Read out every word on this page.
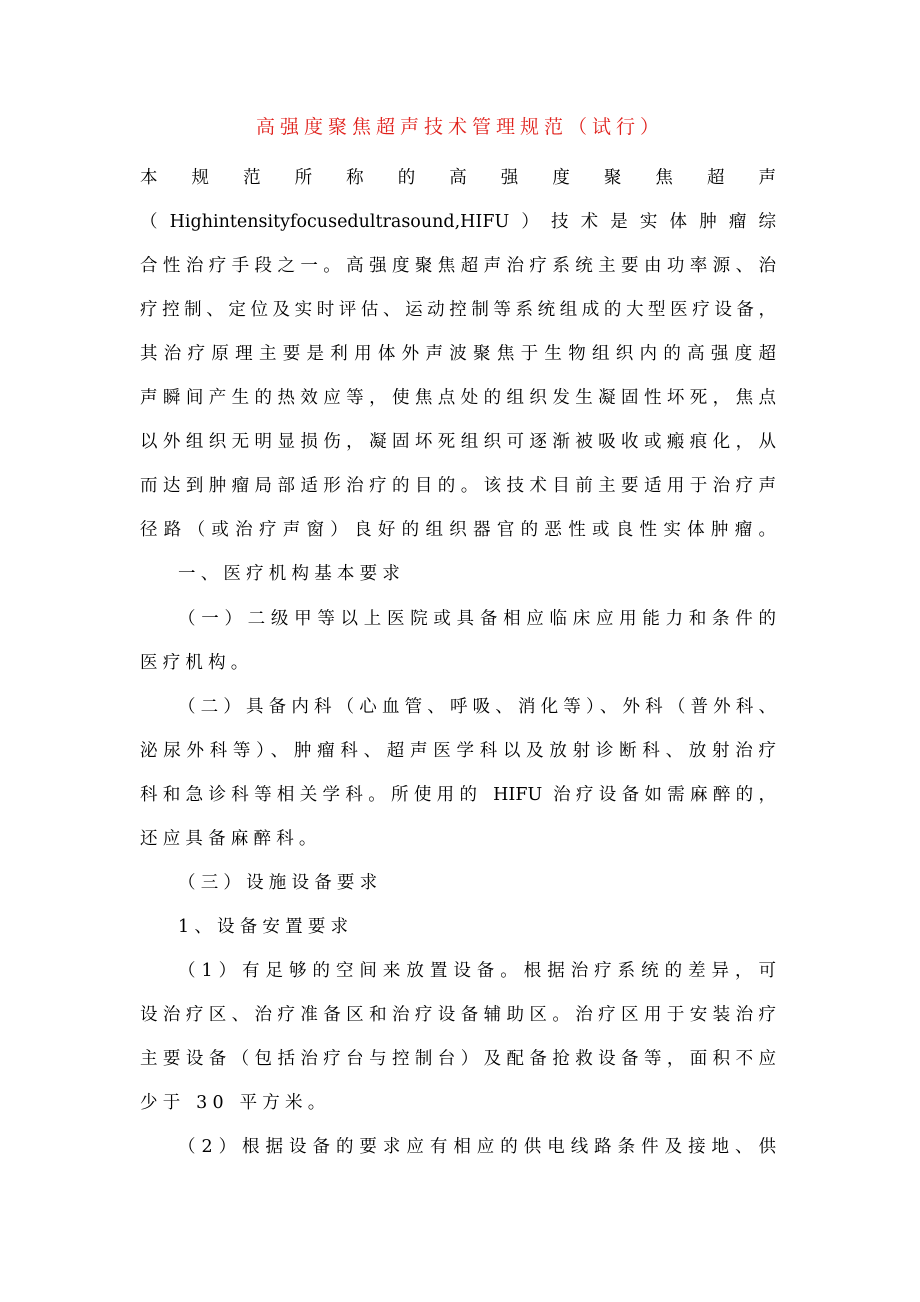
高强度聚焦超声技术管理规范（试行）
本 规 范 所 称 的 高 强 度 聚 焦 超 声
（Highintensityfocusedultrasound,HIFU）技术是实体肿瘤综
合性治疗手段之一。高强度聚焦超声治疗系统主要由功率源、治
疗控制、定位及实时评估、运动控制等系统组成的大型医疗设备，
其治疗原理主要是利用体外声波聚焦于生物组织内的高强度超
声瞬间产生的热效应等，使焦点处的组织发生凝固性坏死，焦点
以外组织无明显损伤，凝固坏死组织可逐渐被吸收或瘢痕化，从
而达到肿瘤局部适形治疗的目的。该技术目前主要适用于治疗声
径路（或治疗声窗）良好的组织器官的恶性或良性实体肿瘤。
一、医疗机构基本要求
（一）二级甲等以上医院或具备相应临床应用能力和条件的
医疗机构。
（二）具备内科（心血管、呼吸、消化等）、外科（普外科、
泌尿外科等）、肿瘤科、超声医学科以及放射诊断科、放射治疗
科和急诊科等相关学科。所使用的 HIFU 治疗设备如需麻醉的，
还应具备麻醉科。
（三）设施设备要求
1、设备安置要求
（1）有足够的空间来放置设备。根据治疗系统的差异，可
设治疗区、治疗准备区和治疗设备辅助区。治疗区用于安装治疗
主要设备（包括治疗台与控制台）及配备抢救设备等，面积不应
少于 30 平方米。
（2）根据设备的要求应有相应的供电线路条件及接地、供
